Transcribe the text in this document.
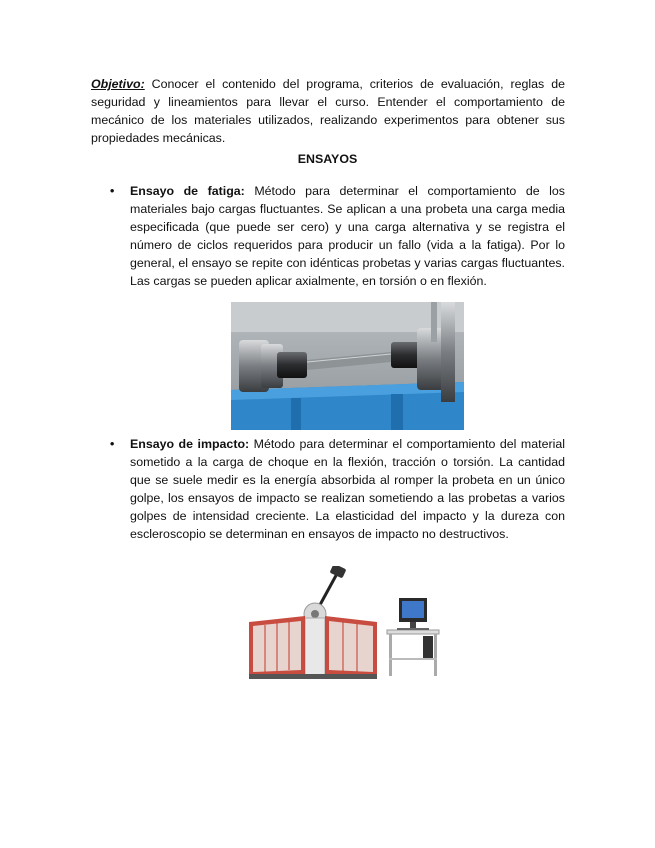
Objetivo: Conocer el contenido del programa, criterios de evaluación, reglas de seguridad y lineamientos para llevar el curso. Entender el comportamiento de mecánico de los materiales utilizados, realizando experimentos para obtener sus propiedades mecánicas.

ENSAYOS
• Ensayo de fatiga: Método para determinar el comportamiento de los materiales bajo cargas fluctuantes. Se aplican a una probeta una carga media especificada (que puede ser cero) y una carga alternativa y se registra el número de ciclos requeridos para producir un fallo (vida a la fatiga). Por lo general, el ensayo se repite con idénticas probetas y varias cargas fluctuantes. Las cargas se pueden aplicar axialmente, en torsión o en flexión.
• Ensayo de impacto: Método para determinar el comportamiento del material sometido a la carga de choque en la flexión, tracción o torsión. La cantidad que se suele medir es la energía absorbida al romper la probeta en un único golpe, los ensayos de impacto se realizan sometiendo a las probetas a varios golpes de intensidad creciente. La elasticidad del impacto y la dureza con escleroscopio se determinan en ensayos de impacto no destructivos.
